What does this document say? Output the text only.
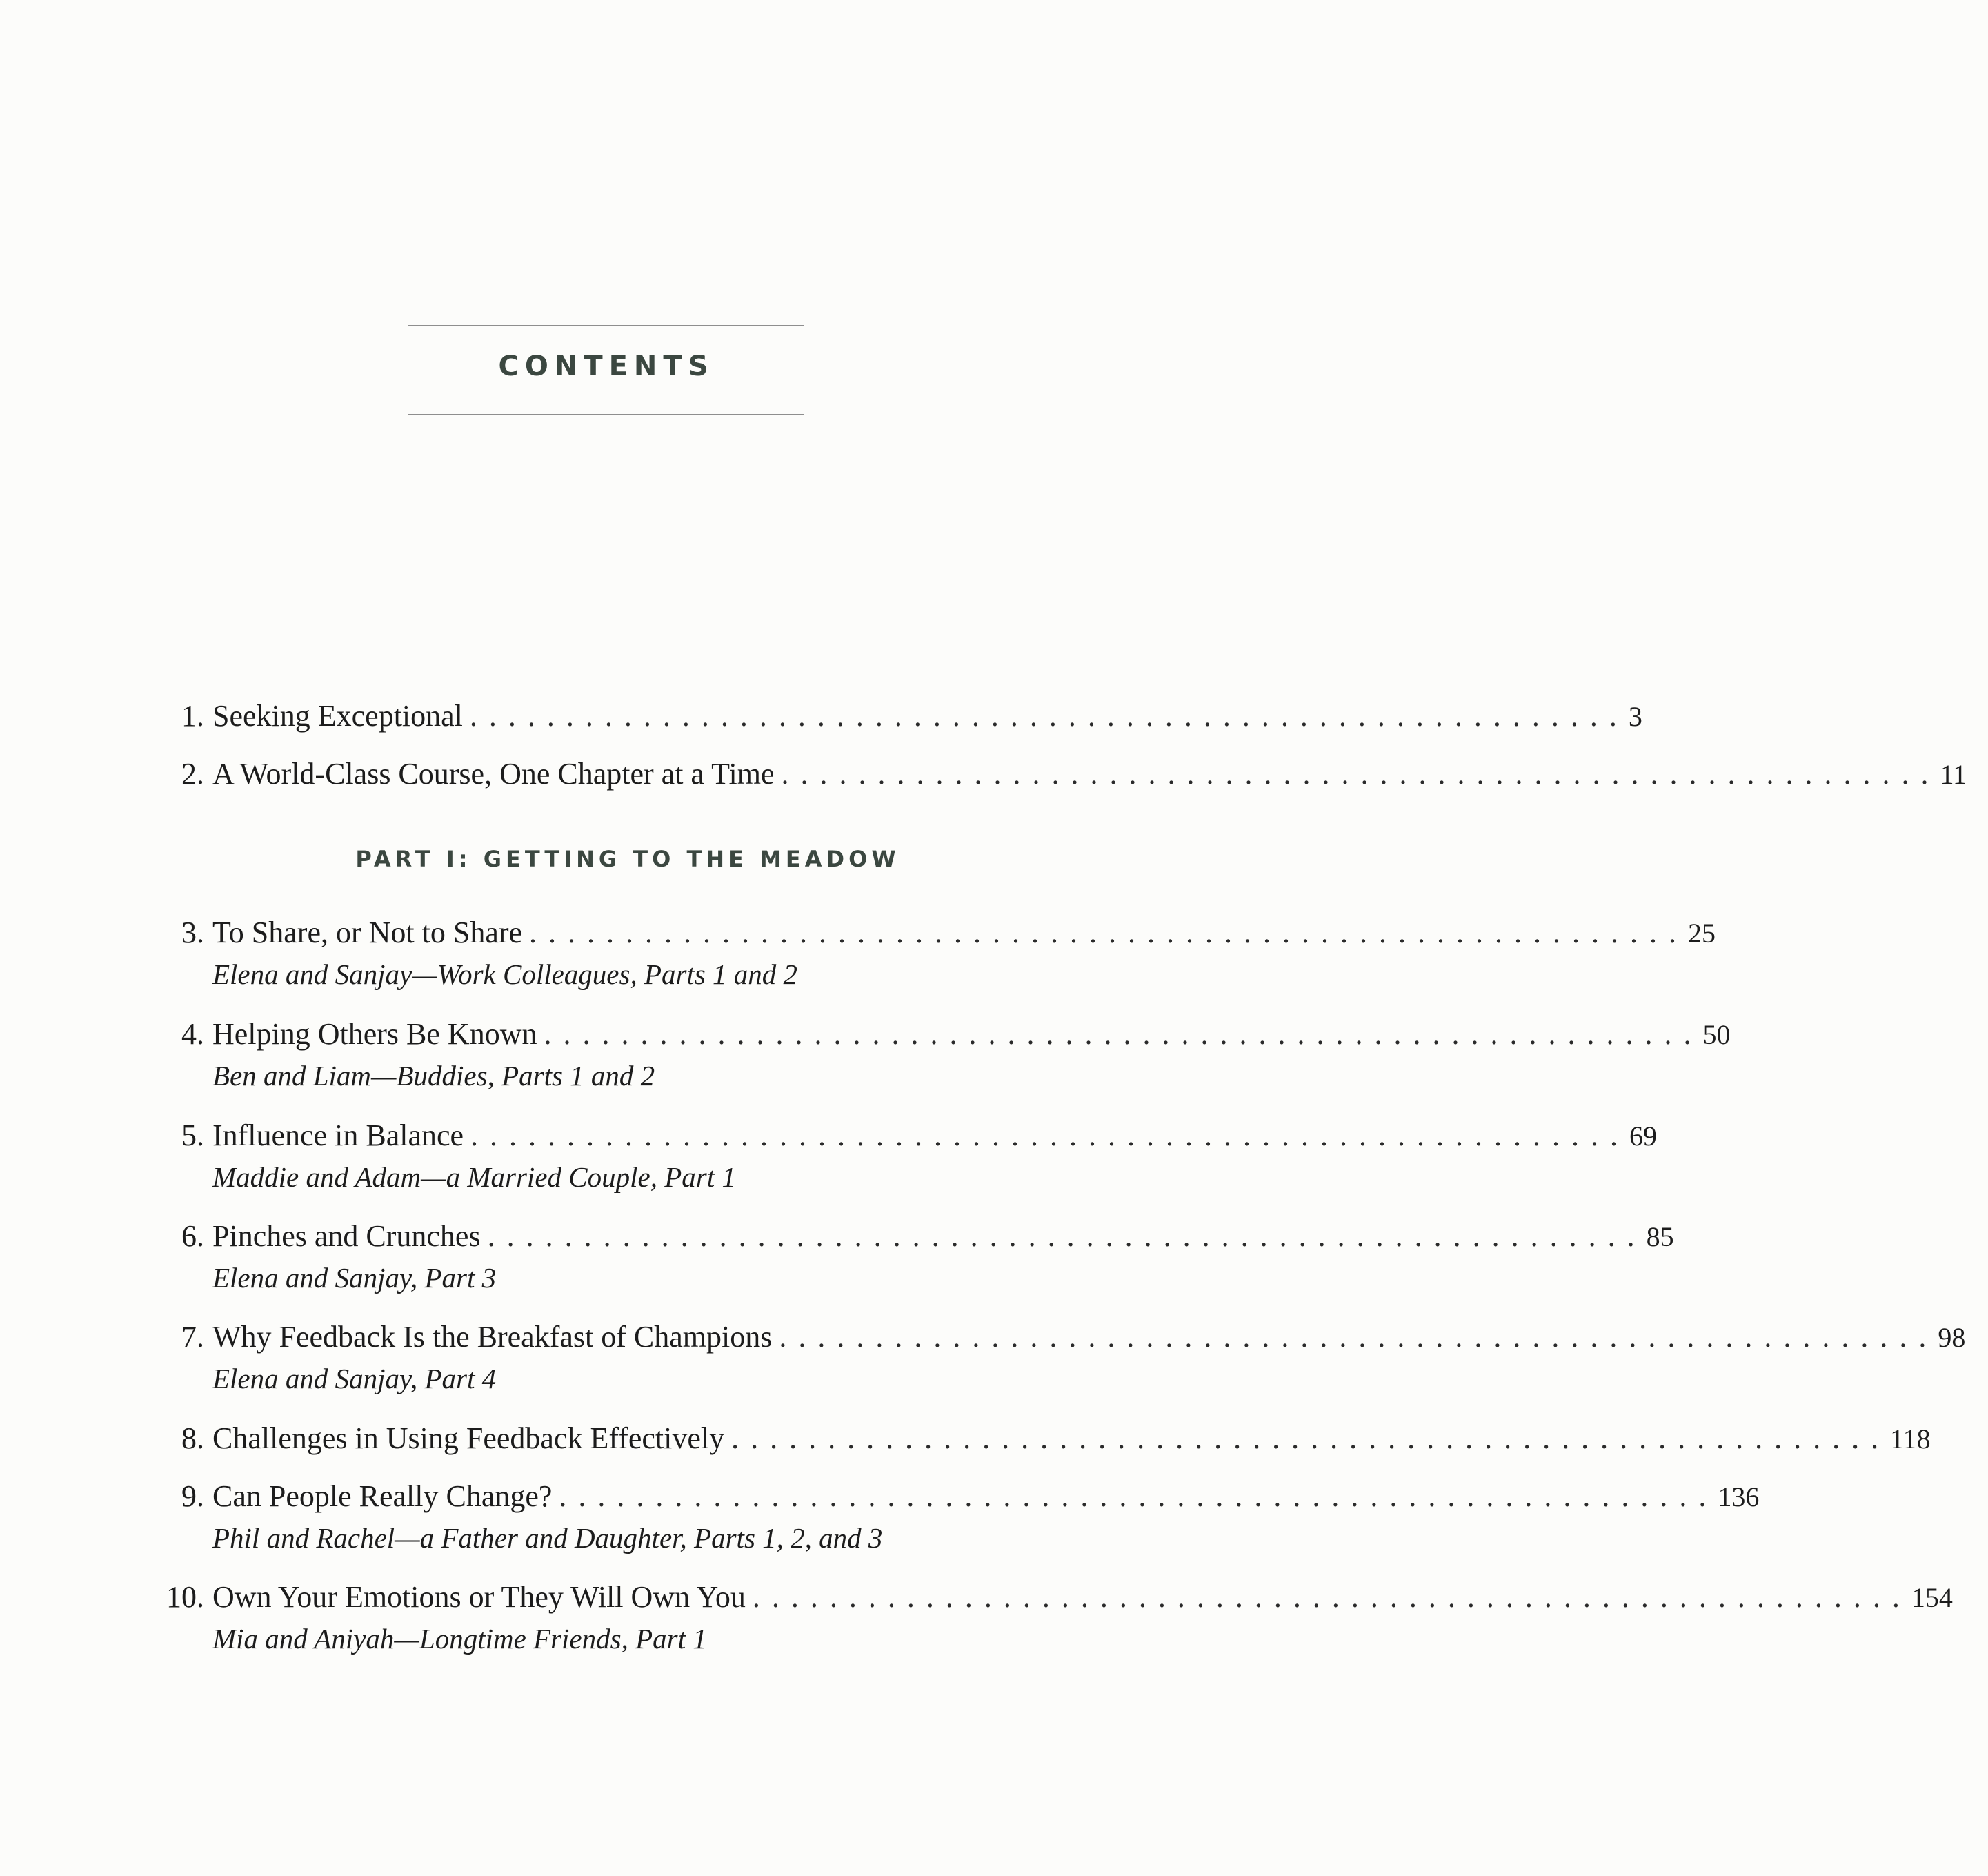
CONTENTS
1. Seeking Exceptional ............................................................ 3
2. A World-Class Course, One Chapter at a Time ............................................................ 11
PART I: GETTING TO THE MEADOW
3. To Share, or Not to Share ............................................................ 25
Elena and Sanjay—Work Colleagues, Parts 1 and 2
4. Helping Others Be Known ............................................................ 50
Ben and Liam—Buddies, Parts 1 and 2
5. Influence in Balance ............................................................ 69
Maddie and Adam—a Married Couple, Part 1
6. Pinches and Crunches ............................................................ 85
Elena and Sanjay, Part 3
7. Why Feedback Is the Breakfast of Champions ............................................................ 98
Elena and Sanjay, Part 4
8. Challenges in Using Feedback Effectively ............................................................ 118
9. Can People Really Change? ............................................................ 136
Phil and Rachel—a Father and Daughter, Parts 1, 2, and 3
10. Own Your Emotions or They Will Own You ............................................................ 154
Mia and Aniyah—Longtime Friends, Part 1
